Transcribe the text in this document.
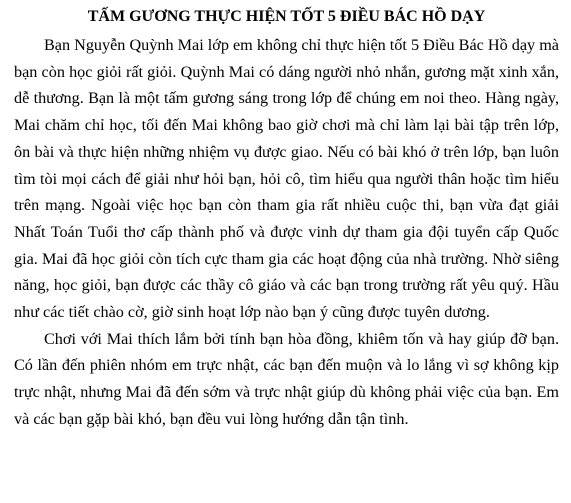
TẤM GƯƠNG THỰC HIỆN TỐT 5 ĐIỀU BÁC HỒ DẠY

Bạn Nguyễn Quỳnh Mai lớp em không chỉ thực hiện tốt 5 Điều Bác Hồ dạy mà bạn còn học giỏi rất giỏi. Quỳnh Mai có dáng người nhỏ nhắn, gương mặt xinh xắn, dễ thương. Bạn là một tấm gương sáng trong lớp để chúng em noi theo. Hàng ngày, Mai chăm chỉ học, tối đến Mai không bao giờ chơi mà chỉ làm lại bài tập trên lớp, ôn bài và thực hiện những nhiệm vụ được giao. Nếu có bài khó ở trên lớp, bạn luôn tìm tòi mọi cách để giải như hỏi bạn, hỏi cô, tìm hiểu qua người thân hoặc tìm hiểu trên mạng. Ngoài việc học bạn còn tham gia rất nhiều cuộc thi, bạn vừa đạt giải Nhất Toán Tuổi thơ cấp thành phố và được vinh dự tham gia đội tuyển cấp Quốc gia. Mai đã học giỏi còn tích cực tham gia các hoạt động của nhà trường. Nhờ siêng năng, học giỏi, bạn được các thầy cô giáo và các bạn trong trường rất yêu quý. Hầu như các tiết chào cờ, giờ sinh hoạt lớp nào bạn ý cũng được tuyên dương.

Chơi với Mai thích lắm bởi tính bạn hòa đồng, khiêm tốn và hay giúp đỡ bạn. Có lần đến phiên nhóm em trực nhật, các bạn đến muộn và lo lắng vì sợ không kịp trực nhật, nhưng Mai đã đến sớm và trực nhật giúp dù không phải việc của bạn. Em và các bạn gặp bài khó, bạn đều vui lòng hướng dẫn tận tình.
